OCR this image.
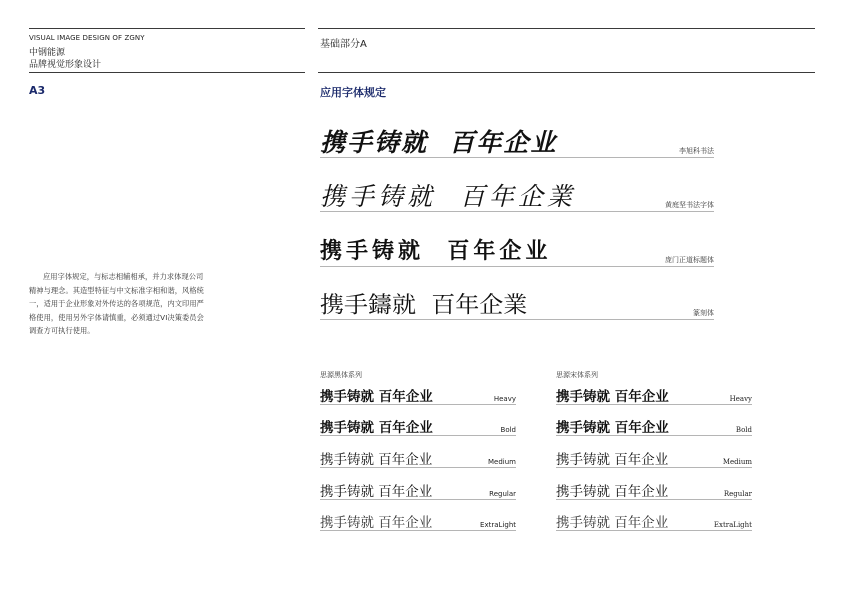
VISUAL IMAGE DESIGN OF ZGNY
中钢能源
品牌视觉形象设计
基础部分A
A3	应用字体规定

应用字体规定，与标志相辅相承，并力求体现公司精神与理念。其造型特征与中文标准字相和谐，风格统一，适用于企业形象对外传达的各项规范，内文印用严格使用，使用另外字体请慎重，必须通过VI决策委员会调查方可执行使用。

携手铸就  百年企业	李旭科书法
携手铸就  百年企業	黄庭坚书法字体
携手铸就  百年企业	庞门正道标题体
携手鑄就  百年企業	篆刻体
思源黑体系列	思源宋体系列
携手铸就 百年企业	Heavy
携手铸就 百年企业	Bold
携手铸就 百年企业	Medium
携手铸就 百年企业	Regular
携手铸就 百年企业	ExtraLight
携手铸就 百年企业	Heavy
携手铸就 百年企业	Bold
携手铸就 百年企业	Medium
携手铸就 百年企业	Regular
携手铸就 百年企业	ExtraLight
